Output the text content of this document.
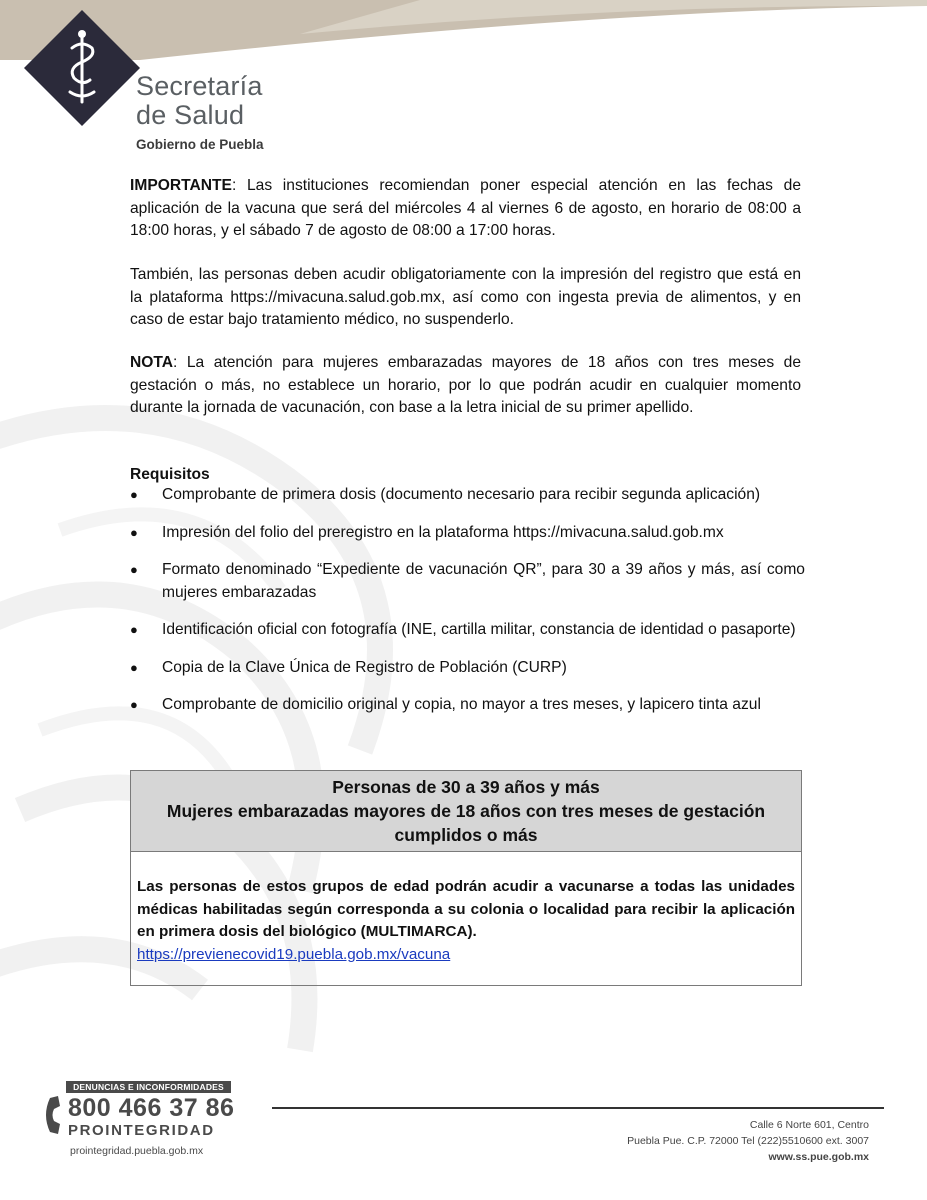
Secretaría
de Salud
Gobierno de Puebla

IMPORTANTE: Las instituciones recomiendan poner especial atención en las fechas de aplicación de la vacuna que será del miércoles 4 al viernes 6 de agosto, en horario de 08:00 a 18:00 horas, y el sábado 7 de agosto de 08:00 a 17:00 horas.

También, las personas deben acudir obligatoriamente con la impresión del registro que está en la plataforma https://mivacuna.salud.gob.mx, así como con ingesta previa de alimentos, y en caso de estar bajo tratamiento médico, no suspenderlo.

NOTA: La atención para mujeres embarazadas mayores de 18 años con tres meses de gestación o más, no establece un horario, por lo que podrán acudir en cualquier momento durante la jornada de vacunación, con base a la letra inicial de su primer apellido.

Requisitos
● Comprobante de primera dosis (documento necesario para recibir segunda aplicación)
● Impresión del folio del preregistro en la plataforma https://mivacuna.salud.gob.mx
● Formato denominado “Expediente de vacunación QR”, para 30 a 39 años y más, así como mujeres embarazadas
● Identificación oficial con fotografía (INE, cartilla militar, constancia de identidad o pasaporte)
● Copia de la Clave Única de Registro de Población (CURP)
● Comprobante de domicilio original y copia, no mayor a tres meses, y lapicero tinta azul
Personas de 30 a 39 años y más
Mujeres embarazadas mayores de 18 años con tres meses de gestación
cumplidos o más
Las personas de estos grupos de edad podrán acudir a vacunarse a todas las unidades médicas habilitadas según corresponda a su colonia o localidad para recibir la aplicación en primera dosis del biológico (MULTIMARCA).
https://previenecovid19.puebla.gob.mx/vacuna
DENUNCIAS E INCONFORMIDADES
800 466 37 86
PROINTEGRIDAD
prointegridad.puebla.gob.mx
Calle 6 Norte 601, Centro
Puebla Pue. C.P. 72000 Tel (222)5510600 ext. 3007
www.ss.pue.gob.mx
